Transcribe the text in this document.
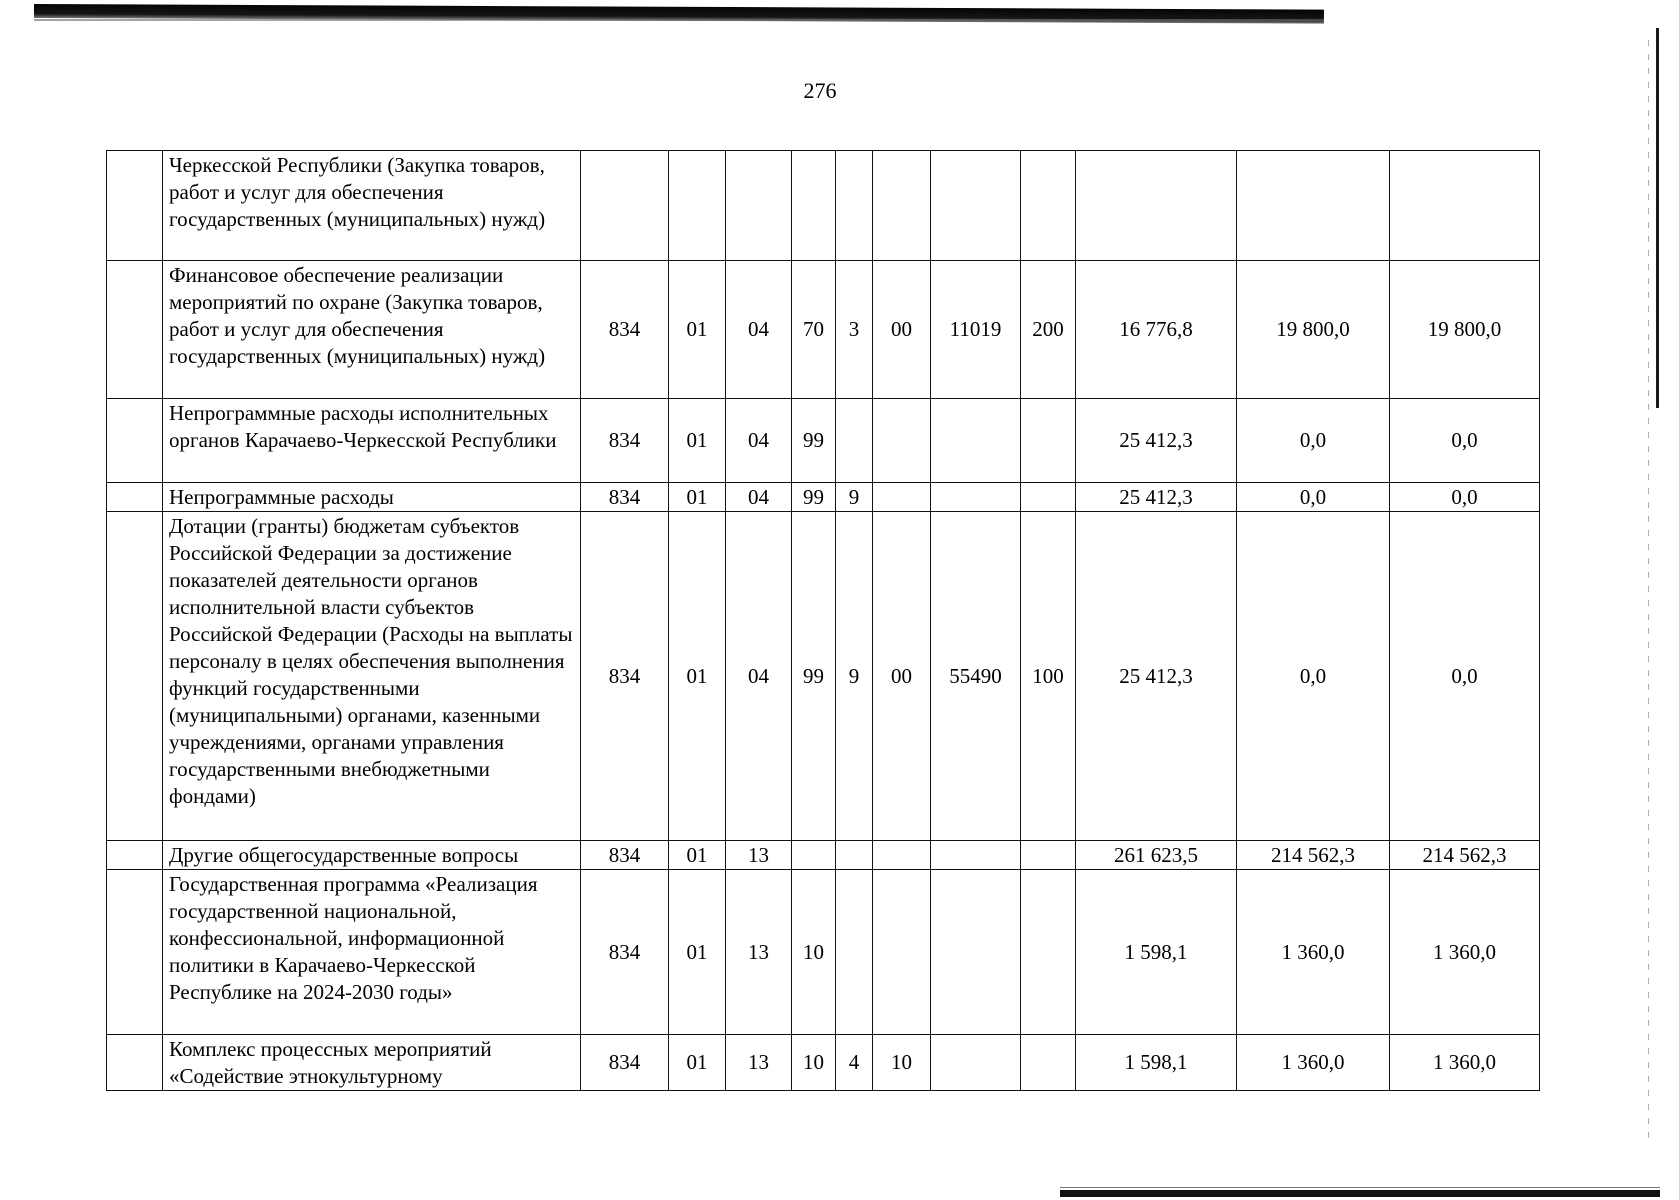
276
	Черкесской Республики (Закупка товаров, работ и услуг для обеспечения государственных (муниципальных) нужд)											
	Финансовое обеспечение реализации мероприятий по охране (Закупка товаров, работ и услуг для обеспечения государственных (муниципальных) нужд)	834	01	04	70	3	00	11019	200	16 776,8	19 800,0	19 800,0
	Непрограммные расходы исполнительных органов Карачаево-Черкесской Республики	834	01	04	99					25 412,3	0,0	0,0
	Непрограммные расходы	834	01	04	99	9				25 412,3	0,0	0,0
	Дотации (гранты) бюджетам субъектов Российской Федерации за достижение показателей деятельности органов исполнительной власти субъектов Российской Федерации (Расходы на выплаты персоналу в целях обеспечения выполнения функций государственными (муниципальными) органами, казенными учреждениями, органами управления государственными внебюджетными фондами)	834	01	04	99	9	00	55490	100	25 412,3	0,0	0,0
	Другие общегосударственные вопросы	834	01	13						261 623,5	214 562,3	214 562,3
	Государственная программа «Реализация государственной национальной, конфессиональной, информационной политики в Карачаево-Черкесской Республике на 2024-2030 годы»	834	01	13	10					1 598,1	1 360,0	1 360,0
	Комплекс процессных мероприятий «Содействие этнокультурному	834	01	13	10	4	10			1 598,1	1 360,0	1 360,0
